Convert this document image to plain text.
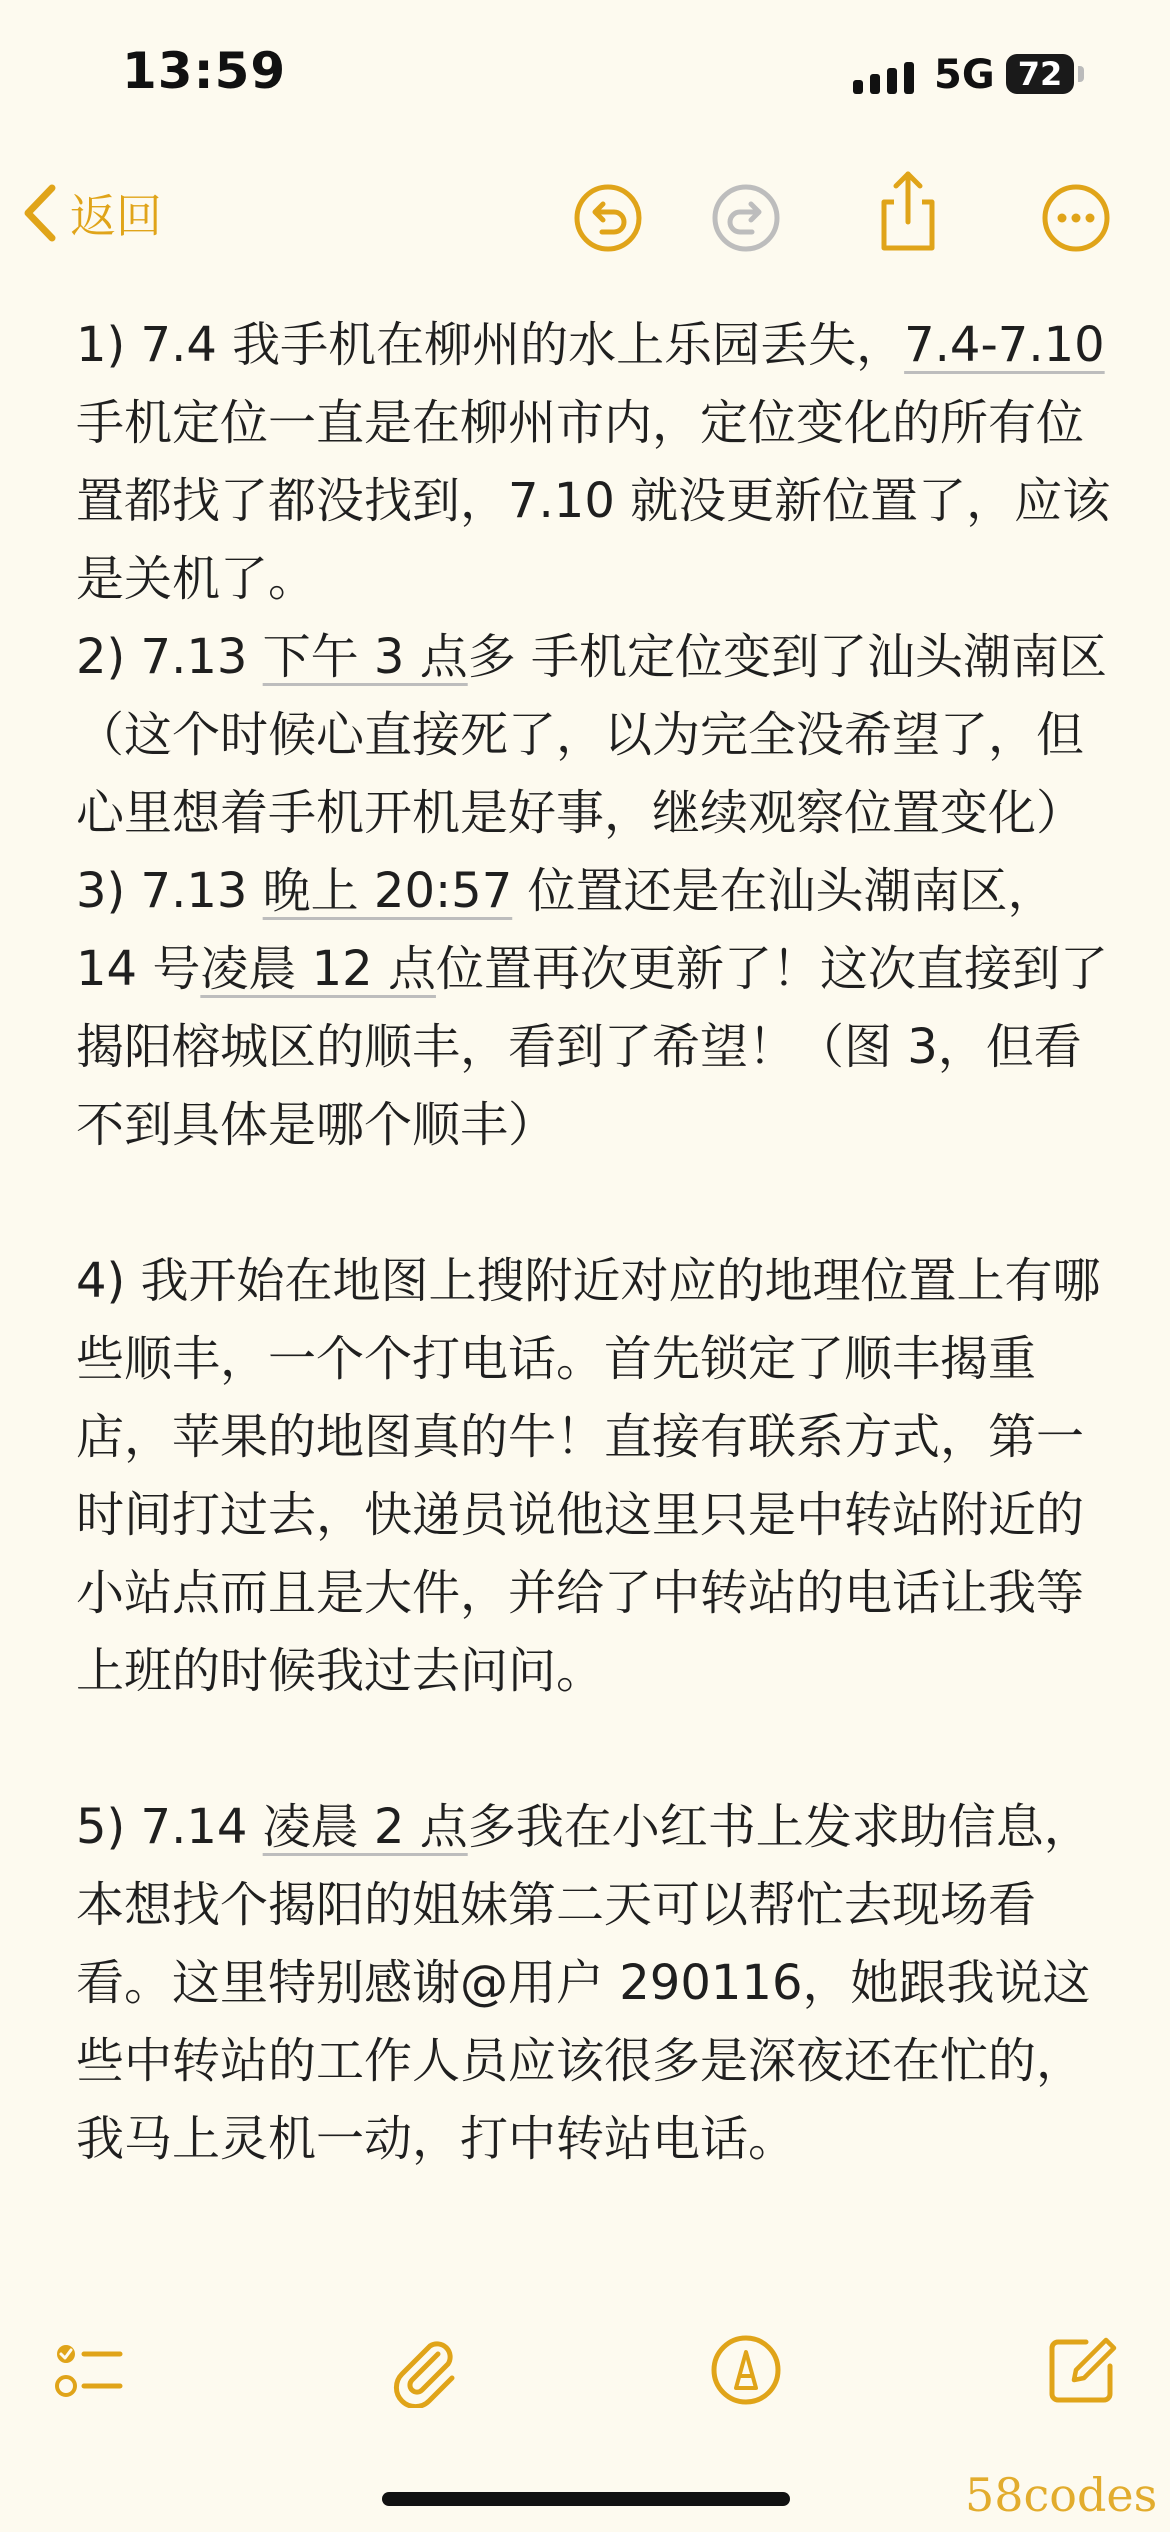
13:59	5G 72
返回

1) 7.4 我手机在柳州的水上乐园丢失，7.4-7.10手机定位一直是在柳州市内，定位变化的所有位置都找了都没找到，7.10 就没更新位置了，应该是关机了。

2) 7.13 下午 3 点多 手机定位变到了汕头潮南区（这个时候心直接死了，以为完全没希望了，但心里想着手机开机是好事，继续观察位置变化）

3) 7.13 晚上 20:57 位置还是在汕头潮南区，14 号凌晨 12 点位置再次更新了！这次直接到了揭阳榕城区的顺丰，看到了希望！（图 3，但看不到具体是哪个顺丰）

4) 我开始在地图上搜附近对应的地理位置上有哪些顺丰，一个个打电话。首先锁定了顺丰揭重店，苹果的地图真的牛！直接有联系方式，第一时间打过去，快递员说他这里只是中转站附近的小站点而且是大件，并给了中转站的电话让我等上班的时候我过去问问。

5) 7.14 凌晨 2 点多我在小红书上发求助信息，本想找个揭阳的姐妹第二天可以帮忙去现场看看。这里特别感谢@用户 290116，她跟我说这些中转站的工作人员应该很多是深夜还在忙的，我马上灵机一动，打中转站电话。

58codes
